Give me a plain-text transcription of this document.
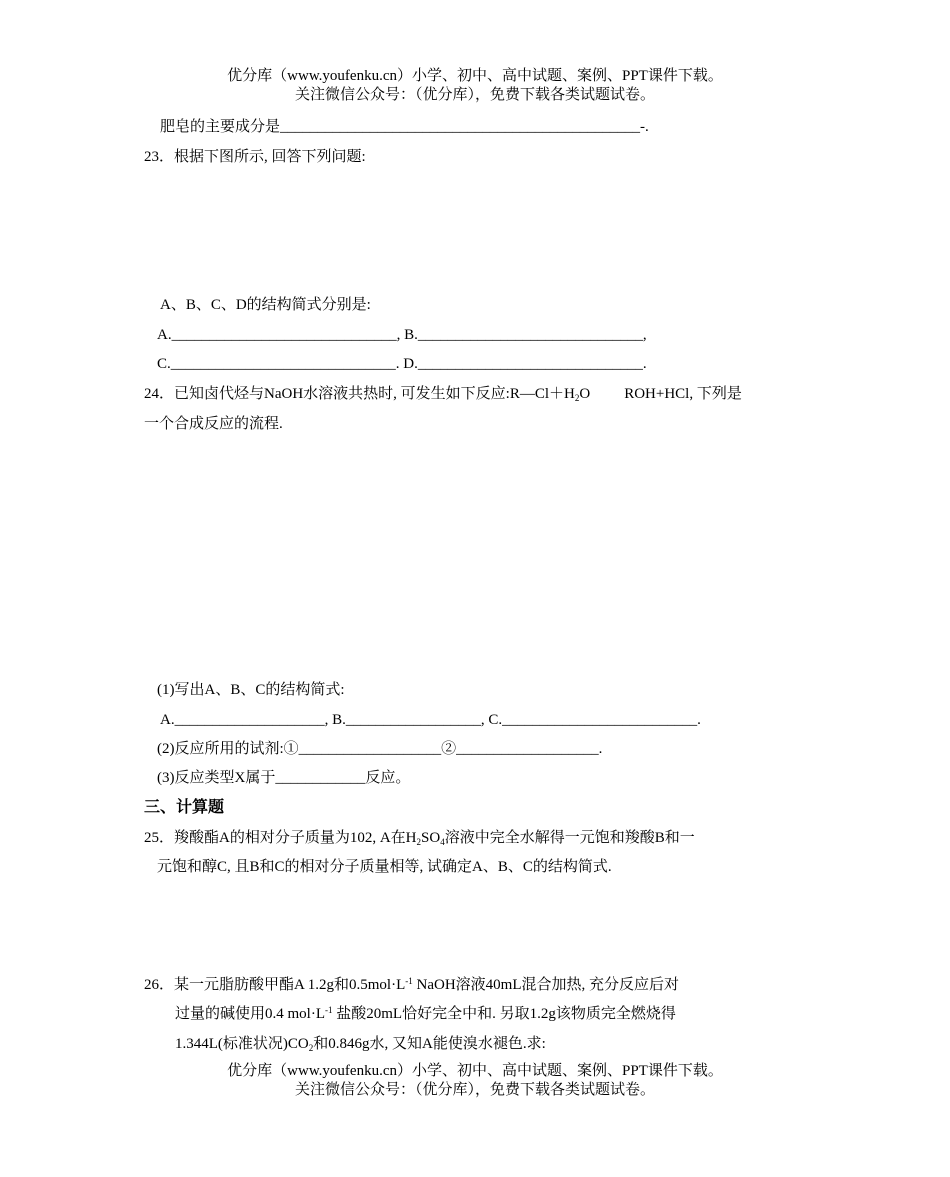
优分库（www.youfenku.cn）小学、初中、高中试题、案例、PPT课件下载。
关注微信公众号：（优分库），免费下载各类试题试卷。
肥皂的主要成分是________________________________________________-.
23．根据下图所示, 回答下列问题:
A、B、C、D的结构简式分别是:
A.______________________________, B.______________________________,
C.______________________________. D.______________________________.
24．已知卤代烃与NaOH水溶液共热时, 可发生如下反应$:R—Cl+H_2O$ ROH+HCl, 下列是
一个合成反应的流程.
(1)写出A、B、C的结构简式:
A.____________________, B.__________________, C.__________________________.
(2)反应所用的试剂:①___________________②___________________.
(3)反应类型X属于____________反应。
三、计算题
25．羧酸酯A的相对分子质量为102, A在$H_2SO_4$溶液中完全水解得一元饱和羧酸B和一
元饱和醇C, 且B和C的相对分子质量相等, 试确定A、B、C的结构简式.
26．某一元脂肪酸甲酯A 1.2g和$0.5mol\cdot L^{-1}$ NaOH溶液40mL混合加热, 充分反应后对
过量的碱使用0.4 $mol\cdot L^{-1}$ 盐酸20mL恰好完全中和. 另取1.2g该物质完全燃烧得
1.344L(标准状况)$CO_2$和0.846g水, 又知A能使溴水褪色.求:
优分库（www.youfenku.cn）小学、初中、高中试题、案例、PPT课件下载。
关注微信公众号：（优分库），免费下载各类试题试卷。
